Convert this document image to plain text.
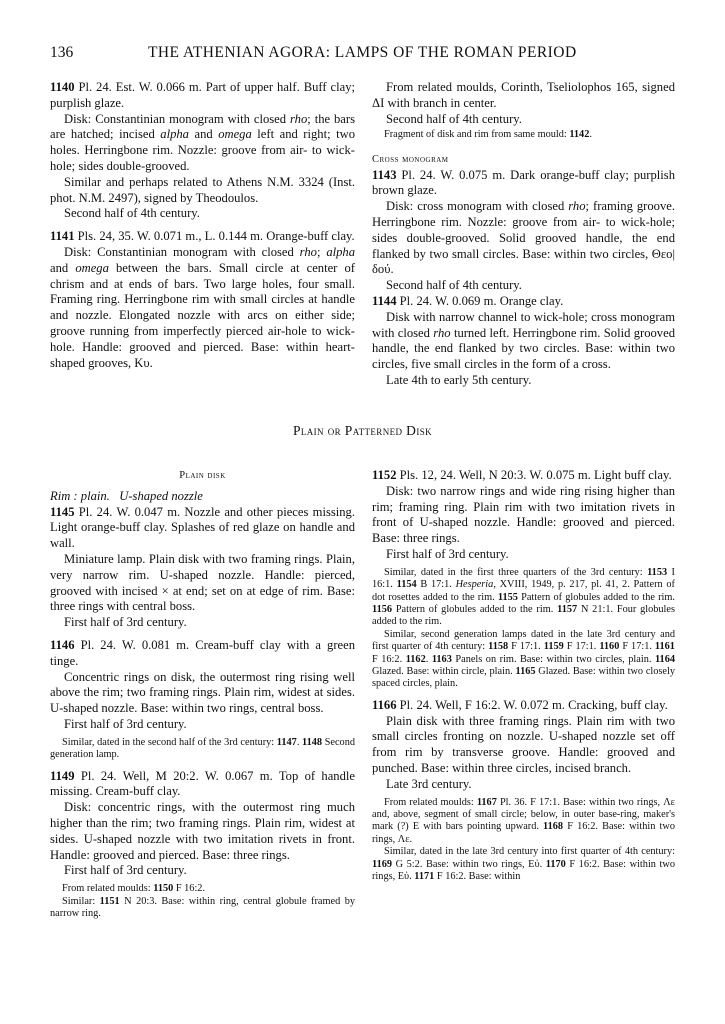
136	THE ATHENIAN AGORA: LAMPS OF THE ROMAN PERIOD

1140 Pl. 24. Est. W. 0.066 m. Part of upper half. Buff clay; purplish glaze.

Disk: Constantinian monogram with closed rho; the bars are hatched; incised alpha and omega left and right; two holes. Herringbone rim. Nozzle: groove from air- to wick-hole; sides double-grooved.

Similar and perhaps related to Athens N.M. 3324 (Inst. phot. N.M. 2497), signed by Theodoulos.

Second half of 4th century.

1141 Pls. 24, 35. W. 0.071 m., L. 0.144 m. Orange-buff clay.

Disk: Constantinian monogram with closed rho; alpha and omega between the bars. Small circle at center of chrism and at ends of bars. Two large holes, four small. Framing ring. Herringbone rim with small circles at handle and nozzle. Elongated nozzle with arcs on either side; groove running from imperfectly pierced air-hole to wick-hole. Handle: grooved and pierced. Base: within heart-shaped grooves, Kυ.

From related moulds, Corinth, Tseliolophos 165, signed ΔΙ with branch in center.

Second half of 4th century.

Fragment of disk and rim from same mould: 1142.

Cross monogram

1143 Pl. 24. W. 0.075 m. Dark orange-buff clay; purplish brown glaze.

Disk: cross monogram with closed rho; framing groove. Herringbone rim. Nozzle: groove from air- to wick-hole; sides double-grooved. Solid grooved handle, the end flanked by two small circles. Base: within two circles, Θεο|δού.

Second half of 4th century.

1144 Pl. 24. W. 0.069 m. Orange clay.

Disk with narrow channel to wick-hole; cross monogram with closed rho turned left. Herringbone rim. Solid grooved handle, the end flanked by two circles. Base: within two circles, five small circles in the form of a cross.

Late 4th to early 5th century.

Plain or Patterned Disk

Plain disk

Rim : plain.   U-shaped nozzle

1145 Pl. 24. W. 0.047 m. Nozzle and other pieces missing. Light orange-buff clay. Splashes of red glaze on handle and wall.

Miniature lamp. Plain disk with two framing rings. Plain, very narrow rim. U-shaped nozzle. Handle: pierced, grooved with incised × at end; set on at edge of rim. Base: three rings with central boss.

First half of 3rd century.

1146 Pl. 24. W. 0.081 m. Cream-buff clay with a green tinge.

Concentric rings on disk, the outermost ring rising well above the rim; two framing rings. Plain rim, widest at sides. U-shaped nozzle. Base: within two rings, central boss.

First half of 3rd century.

Similar, dated in the second half of the 3rd century: 1147. 1148 Second generation lamp.

1149 Pl. 24. Well, M 20:2. W. 0.067 m. Top of handle missing. Cream-buff clay.

Disk: concentric rings, with the outermost ring much higher than the rim; two framing rings. Plain rim, widest at sides. U-shaped nozzle with two imitation rivets in front. Handle: grooved and pierced. Base: three rings.

First half of 3rd century.

From related moulds: 1150 F 16:2.

Similar: 1151 N 20:3. Base: within ring, central globule framed by narrow ring.

1152 Pls. 12, 24. Well, N 20:3. W. 0.075 m. Light buff clay.

Disk: two narrow rings and wide ring rising higher than rim; framing ring. Plain rim with two imitation rivets in front of U-shaped nozzle. Handle: grooved and pierced. Base: three rings.

First half of 3rd century.

Similar, dated in the first three quarters of the 3rd century: 1153 I 16:1. 1154 B 17:1. Hesperia, XVIII, 1949, p. 217, pl. 41, 2. Pattern of dot rosettes added to the rim. 1155 Pattern of globules added to the rim. 1156 Pattern of globules added to the rim. 1157 N 21:1. Four globules added to the rim.

Similar, second generation lamps dated in the late 3rd century and first quarter of 4th century: 1158 F 17:1. 1159 F 17:1. 1160 F 17:1. 1161 F 16:2. 1162. 1163 Panels on rim. Base: within two circles, plain. 1164 Glazed. Base: within circle, plain. 1165 Glazed. Base: within two closely spaced circles, plain.

1166 Pl. 24. Well, F 16:2. W. 0.072 m. Cracking, buff clay.

Plain disk with three framing rings. Plain rim with two small circles fronting on nozzle. U-shaped nozzle set off from rim by transverse groove. Handle: grooved and punched. Base: within three circles, incised branch.

Late 3rd century.

From related moulds: 1167 Pl. 36. F 17:1. Base: within two rings, Λε and, above, segment of small circle; below, in outer base-ring, maker's mark (?) E with bars pointing upward. 1168 F 16:2. Base: within two rings, Λε.

Similar, dated in the late 3rd century into first quarter of 4th century: 1169 G 5:2. Base: within two rings, Eὐ. 1170 F 16:2. Base: within two rings, Eὐ. 1171 F 16:2. Base: within
